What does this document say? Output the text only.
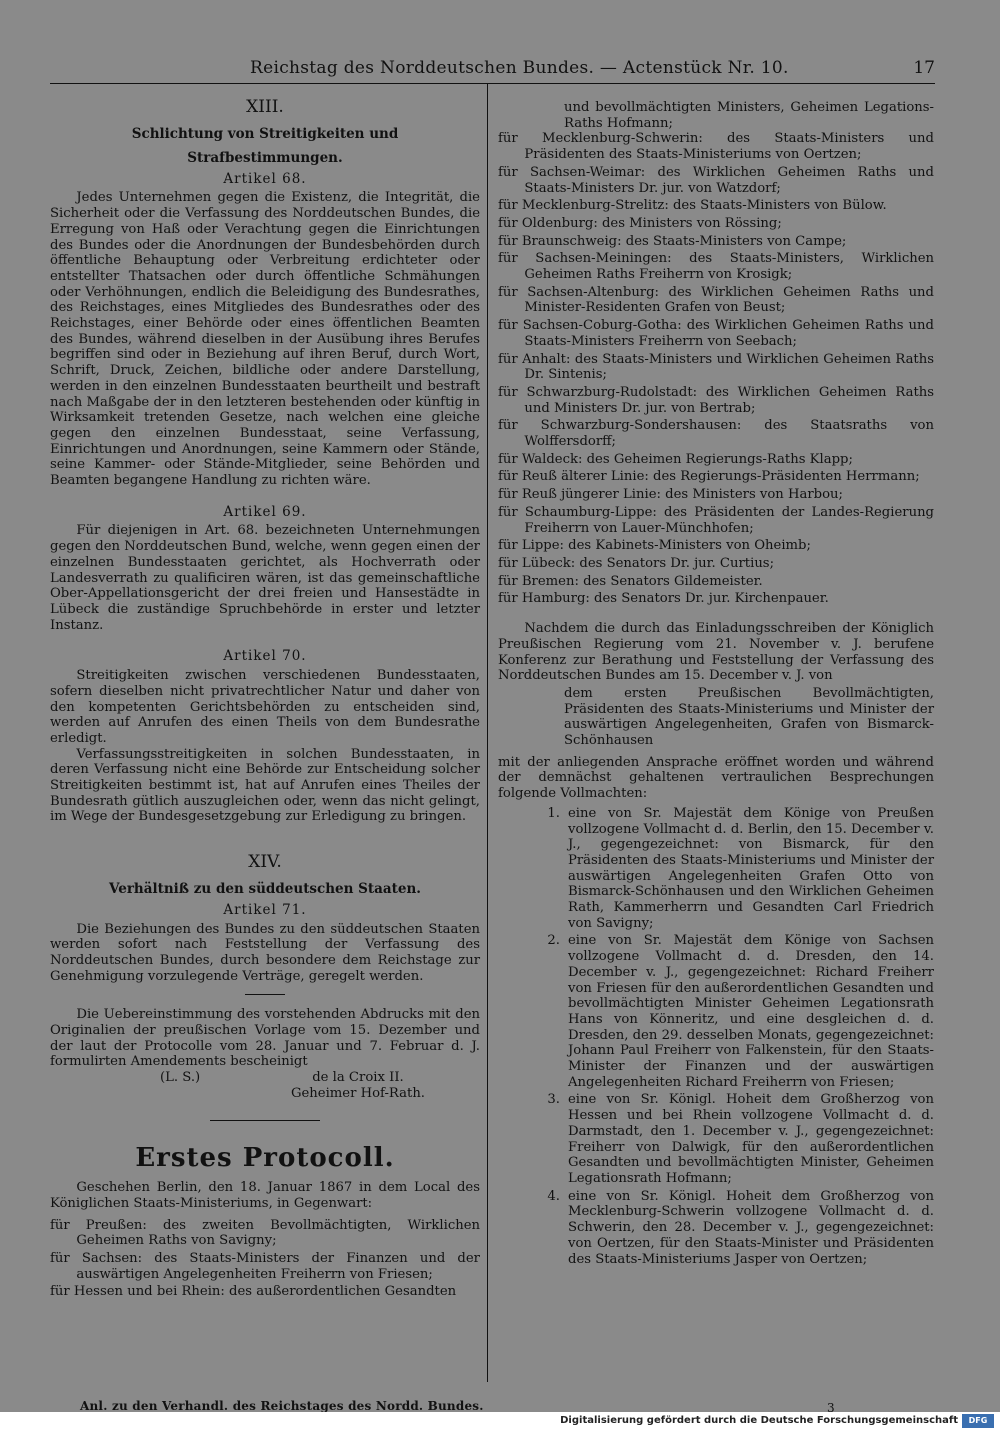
Reichstag des Norddeutschen Bundes. — Actenstück Nr. 10.	17
XIII.
Schlichtung von Streitigkeiten und
Strafbestimmungen.
Artikel 68.

Jedes Unternehmen gegen die Existenz, die Integrität, die Sicherheit oder die Verfassung des Norddeutschen Bundes, die Erregung von Haß oder Verachtung gegen die Einrichtungen des Bundes oder die Anordnungen der Bundesbehörden durch öffentliche Behauptung oder Verbreitung erdichteter oder entstellter Thatsachen oder durch öffentliche Schmähungen oder Verhöhnungen, endlich die Beleidigung des Bundesrathes, des Reichstages, eines Mitgliedes des Bundesrathes oder des Reichstages, einer Behörde oder eines öffentlichen Beamten des Bundes, während dieselben in der Ausübung ihres Berufes begriffen sind oder in Beziehung auf ihren Beruf, durch Wort, Schrift, Druck, Zeichen, bildliche oder andere Darstellung, werden in den einzelnen Bundesstaaten beurtheilt und bestraft nach Maßgabe der in den letzteren bestehenden oder künftig in Wirksamkeit tretenden Gesetze, nach welchen eine gleiche gegen den einzelnen Bundesstaat, seine Verfassung, Einrichtungen und Anordnungen, seine Kammern oder Stände, seine Kammer- oder Stände-Mitglieder, seine Behörden und Beamten begangene Handlung zu richten wäre.

Artikel 69.

Für diejenigen in Art. 68. bezeichneten Unternehmungen gegen den Norddeutschen Bund, welche, wenn gegen einen der einzelnen Bundesstaaten gerichtet, als Hochverrath oder Landesverrath zu qualificiren wären, ist das gemeinschaftliche Ober-Appellationsgericht der drei freien und Hansestädte in Lübeck die zuständige Spruchbehörde in erster und letzter Instanz.

Artikel 70.

Streitigkeiten zwischen verschiedenen Bundesstaaten, sofern dieselben nicht privatrechtlicher Natur und daher von den kompetenten Gerichtsbehörden zu entscheiden sind, werden auf Anrufen des einen Theils von dem Bundesrathe erledigt.

Verfassungsstreitigkeiten in solchen Bundesstaaten, in deren Verfassung nicht eine Behörde zur Entscheidung solcher Streitigkeiten bestimmt ist, hat auf Anrufen eines Theiles der Bundesrath gütlich auszugleichen oder, wenn das nicht gelingt, im Wege der Bundesgesetzgebung zur Erledigung zu bringen.

XIV.
Verhältniß zu den süddeutschen Staaten.
Artikel 71.

Die Beziehungen des Bundes zu den süddeutschen Staaten werden sofort nach Feststellung der Verfassung des Norddeutschen Bundes, durch besondere dem Reichstage zur Genehmigung vorzulegende Verträge, geregelt werden.

Die Uebereinstimmung des vorstehenden Abdrucks mit den Originalien der preußischen Vorlage vom 15. Dezember und der laut der Protocolle vom 28. Januar und 7. Februar d. J. formulirten Amendements bescheinigt

(L. S.)	de la Croix II.
Geheimer Hof-Rath.
Erstes Protocoll.

Geschehen Berlin, den 18. Januar 1867 in dem Local des Königlichen Staats-Ministeriums, in Gegenwart:

für Preußen: des zweiten Bevollmächtigten, Wirklichen Geheimen Raths von Savigny;

für Sachsen: des Staats-Ministers der Finanzen und der auswärtigen Angelegenheiten Freiherrn von Friesen;

für Hessen und bei Rhein: des außerordentlichen Gesandten

und bevollmächtigten Ministers, Geheimen Legations-Raths Hofmann;

für Mecklenburg-Schwerin: des Staats-Ministers und Präsidenten des Staats-Ministeriums von Oertzen;

für Sachsen-Weimar: des Wirklichen Geheimen Raths und Staats-Ministers Dr. jur. von Watzdorf;

für Mecklenburg-Strelitz: des Staats-Ministers von Bülow.

für Oldenburg: des Ministers von Rössing;

für Braunschweig: des Staats-Ministers von Campe;

für Sachsen-Meiningen: des Staats-Ministers, Wirklichen Geheimen Raths Freiherrn von Krosigk;

für Sachsen-Altenburg: des Wirklichen Geheimen Raths und Minister-Residenten Grafen von Beust;

für Sachsen-Coburg-Gotha: des Wirklichen Geheimen Raths und Staats-Ministers Freiherrn von Seebach;

für Anhalt: des Staats-Ministers und Wirklichen Geheimen Raths Dr. Sintenis;

für Schwarzburg-Rudolstadt: des Wirklichen Geheimen Raths und Ministers Dr. jur. von Bertrab;

für Schwarzburg-Sondershausen: des Staatsraths von Wolffersdorff;

für Waldeck: des Geheimen Regierungs-Raths Klapp;

für Reuß älterer Linie: des Regierungs-Präsidenten Herrmann;

für Reuß jüngerer Linie: des Ministers von Harbou;

für Schaumburg-Lippe: des Präsidenten der Landes-Regierung Freiherrn von Lauer-Münchhofen;

für Lippe: des Kabinets-Ministers von Oheimb;

für Lübeck: des Senators Dr. jur. Curtius;

für Bremen: des Senators Gildemeister.

für Hamburg: des Senators Dr. jur. Kirchenpauer.

Nachdem die durch das Einladungsschreiben der Königlich Preußischen Regierung vom 21. November v. J. berufene Konferenz zur Berathung und Feststellung der Verfassung des Norddeutschen Bundes am 15. December v. J. von

dem ersten Preußischen Bevollmächtigten, Präsidenten des Staats-Ministeriums und Minister der auswärtigen Angelegenheiten, Grafen von Bismarck-Schönhausen

mit der anliegenden Ansprache eröffnet worden und während der demnächst gehaltenen vertraulichen Besprechungen folgende Vollmachten:

1. eine von Sr. Majestät dem Könige von Preußen vollzogene Vollmacht d. d. Berlin, den 15. December v. J., gegengezeichnet: von Bismarck, für den Präsidenten des Staats-Ministeriums und Minister der auswärtigen Angelegenheiten Grafen Otto von Bismarck-Schönhausen und den Wirklichen Geheimen Rath, Kammerherrn und Gesandten Carl Friedrich von Savigny;
2. eine von Sr. Majestät dem Könige von Sachsen vollzogene Vollmacht d. d. Dresden, den 14. December v. J., gegengezeichnet: Richard Freiherr von Friesen für den außerordentlichen Gesandten und bevollmächtigten Minister Geheimen Legationsrath Hans von Könneritz, und eine desgleichen d. d. Dresden, den 29. desselben Monats, gegengezeichnet: Johann Paul Freiherr von Falkenstein, für den Staats-Minister der Finanzen und der auswärtigen Angelegenheiten Richard Freiherrn von Friesen;
3. eine von Sr. Königl. Hoheit dem Großherzog von Hessen und bei Rhein vollzogene Vollmacht d. d. Darmstadt, den 1. December v. J., gegengezeichnet: Freiherr von Dalwigk, für den außerordentlichen Gesandten und bevollmächtigten Minister, Geheimen Legationsrath Hofmann;
4. eine von Sr. Königl. Hoheit dem Großherzog von Mecklenburg-Schwerin vollzogene Vollmacht d. d. Schwerin, den 28. December v. J., gegengezeichnet: von Oertzen, für den Staats-Minister und Präsidenten des Staats-Ministeriums Jasper von Oertzen;
Anl. zu den Verhandl. des Reichstages des Nordd. Bundes.	3
Digitalisierung gefördert durch die Deutsche Forschungsgemeinschaft	DFG
